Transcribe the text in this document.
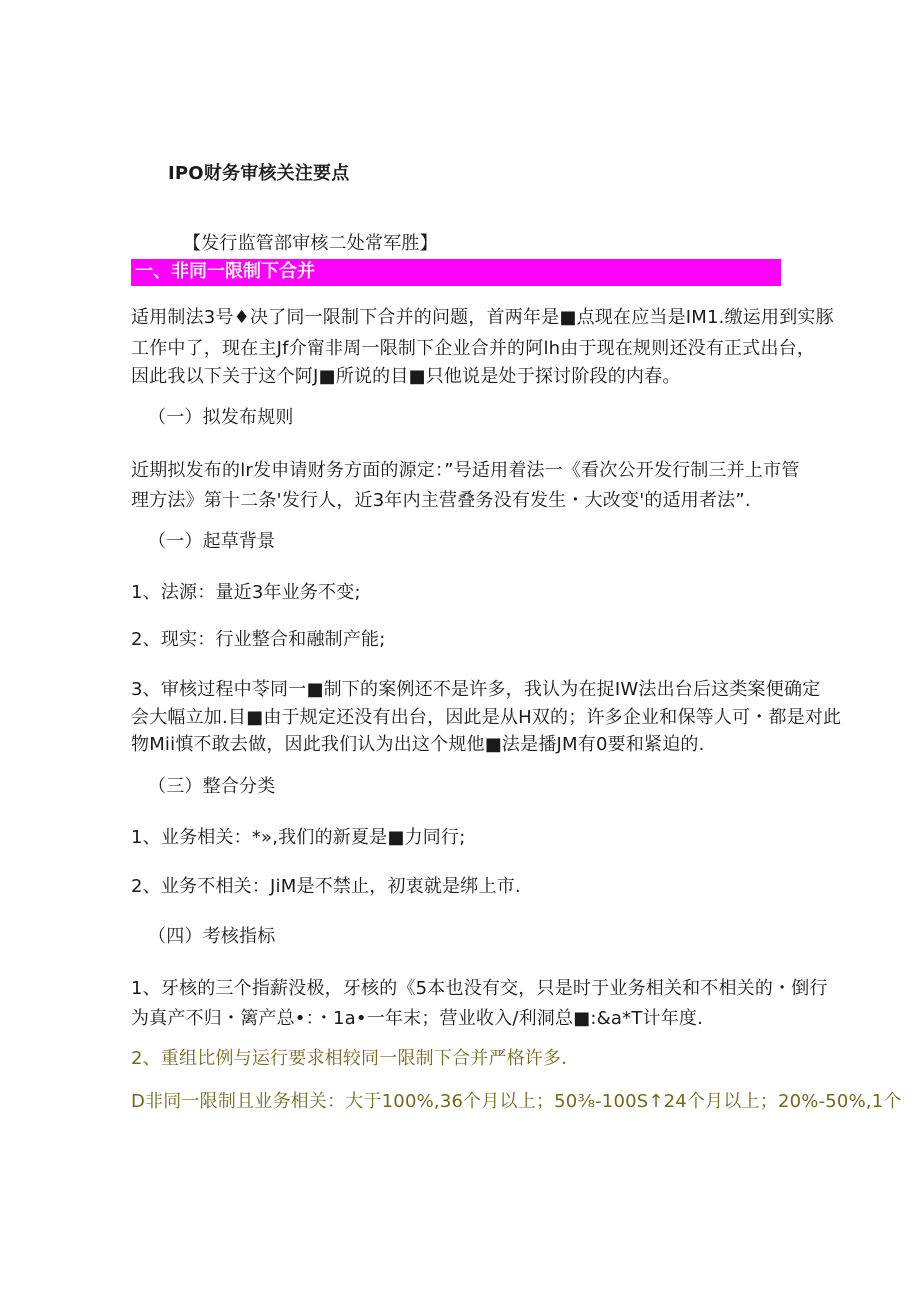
IPO财务审核关注要点
【发行监管部审核二处常军胜】
一、非同一限制下合并
适用制法3号♦决了同一限制下合并的问题，首两年是■点现在应当是IM1.缴运用到实豚
工作中了，现在主Jf介甯非周一限制下企业合并的阿lh由于现在规则还没有正式出台，
因此我以下关于这个阿J■所说的目■只他说是处于探讨阶段的内春。
（一）拟发布规则
近期拟发布的lr发申请财务方面的源定：”号适用着法一《看次公开发行制三并上市管
理方法》第十二条'发行人，近3年内主营叠务没有发生・大改变'的适用者法”.
（一）起草背景
1、法源：量近3年业务不变;
2、现实：行业整合和融制产能;
3、审核过程中苓同一■制下的案例还不是许多，我认为在捉IW法出台后这类案便确定
会大幅立加.目■由于规定还没有出台，因此是从H双的；许多企业和保等人可・都是对此
物Mii慎不敢去做，因此我们认为出这个规他■法是播JM有0要和紧迫的.
（三）整合分类
1、业务相关：*»,我们的新夏是■力同行;
2、业务不相关：JiM是不禁止，初衷就是绑上市.
（四）考核指标
1、牙核的三个指薪没极，牙核的《5本也没有交，只是时于业务相关和不相关的・倒行
为真产不归・篱产总•：・1a•一年末；营业收入/利洞总■:&a*T计年度.
2、重组比例与运行要求相较同一限制下合并严格许多.
D非同一限制且业务相关：大于100%,36个月以上；50⅜-100S↑24个月以上；20%-50%,1个
